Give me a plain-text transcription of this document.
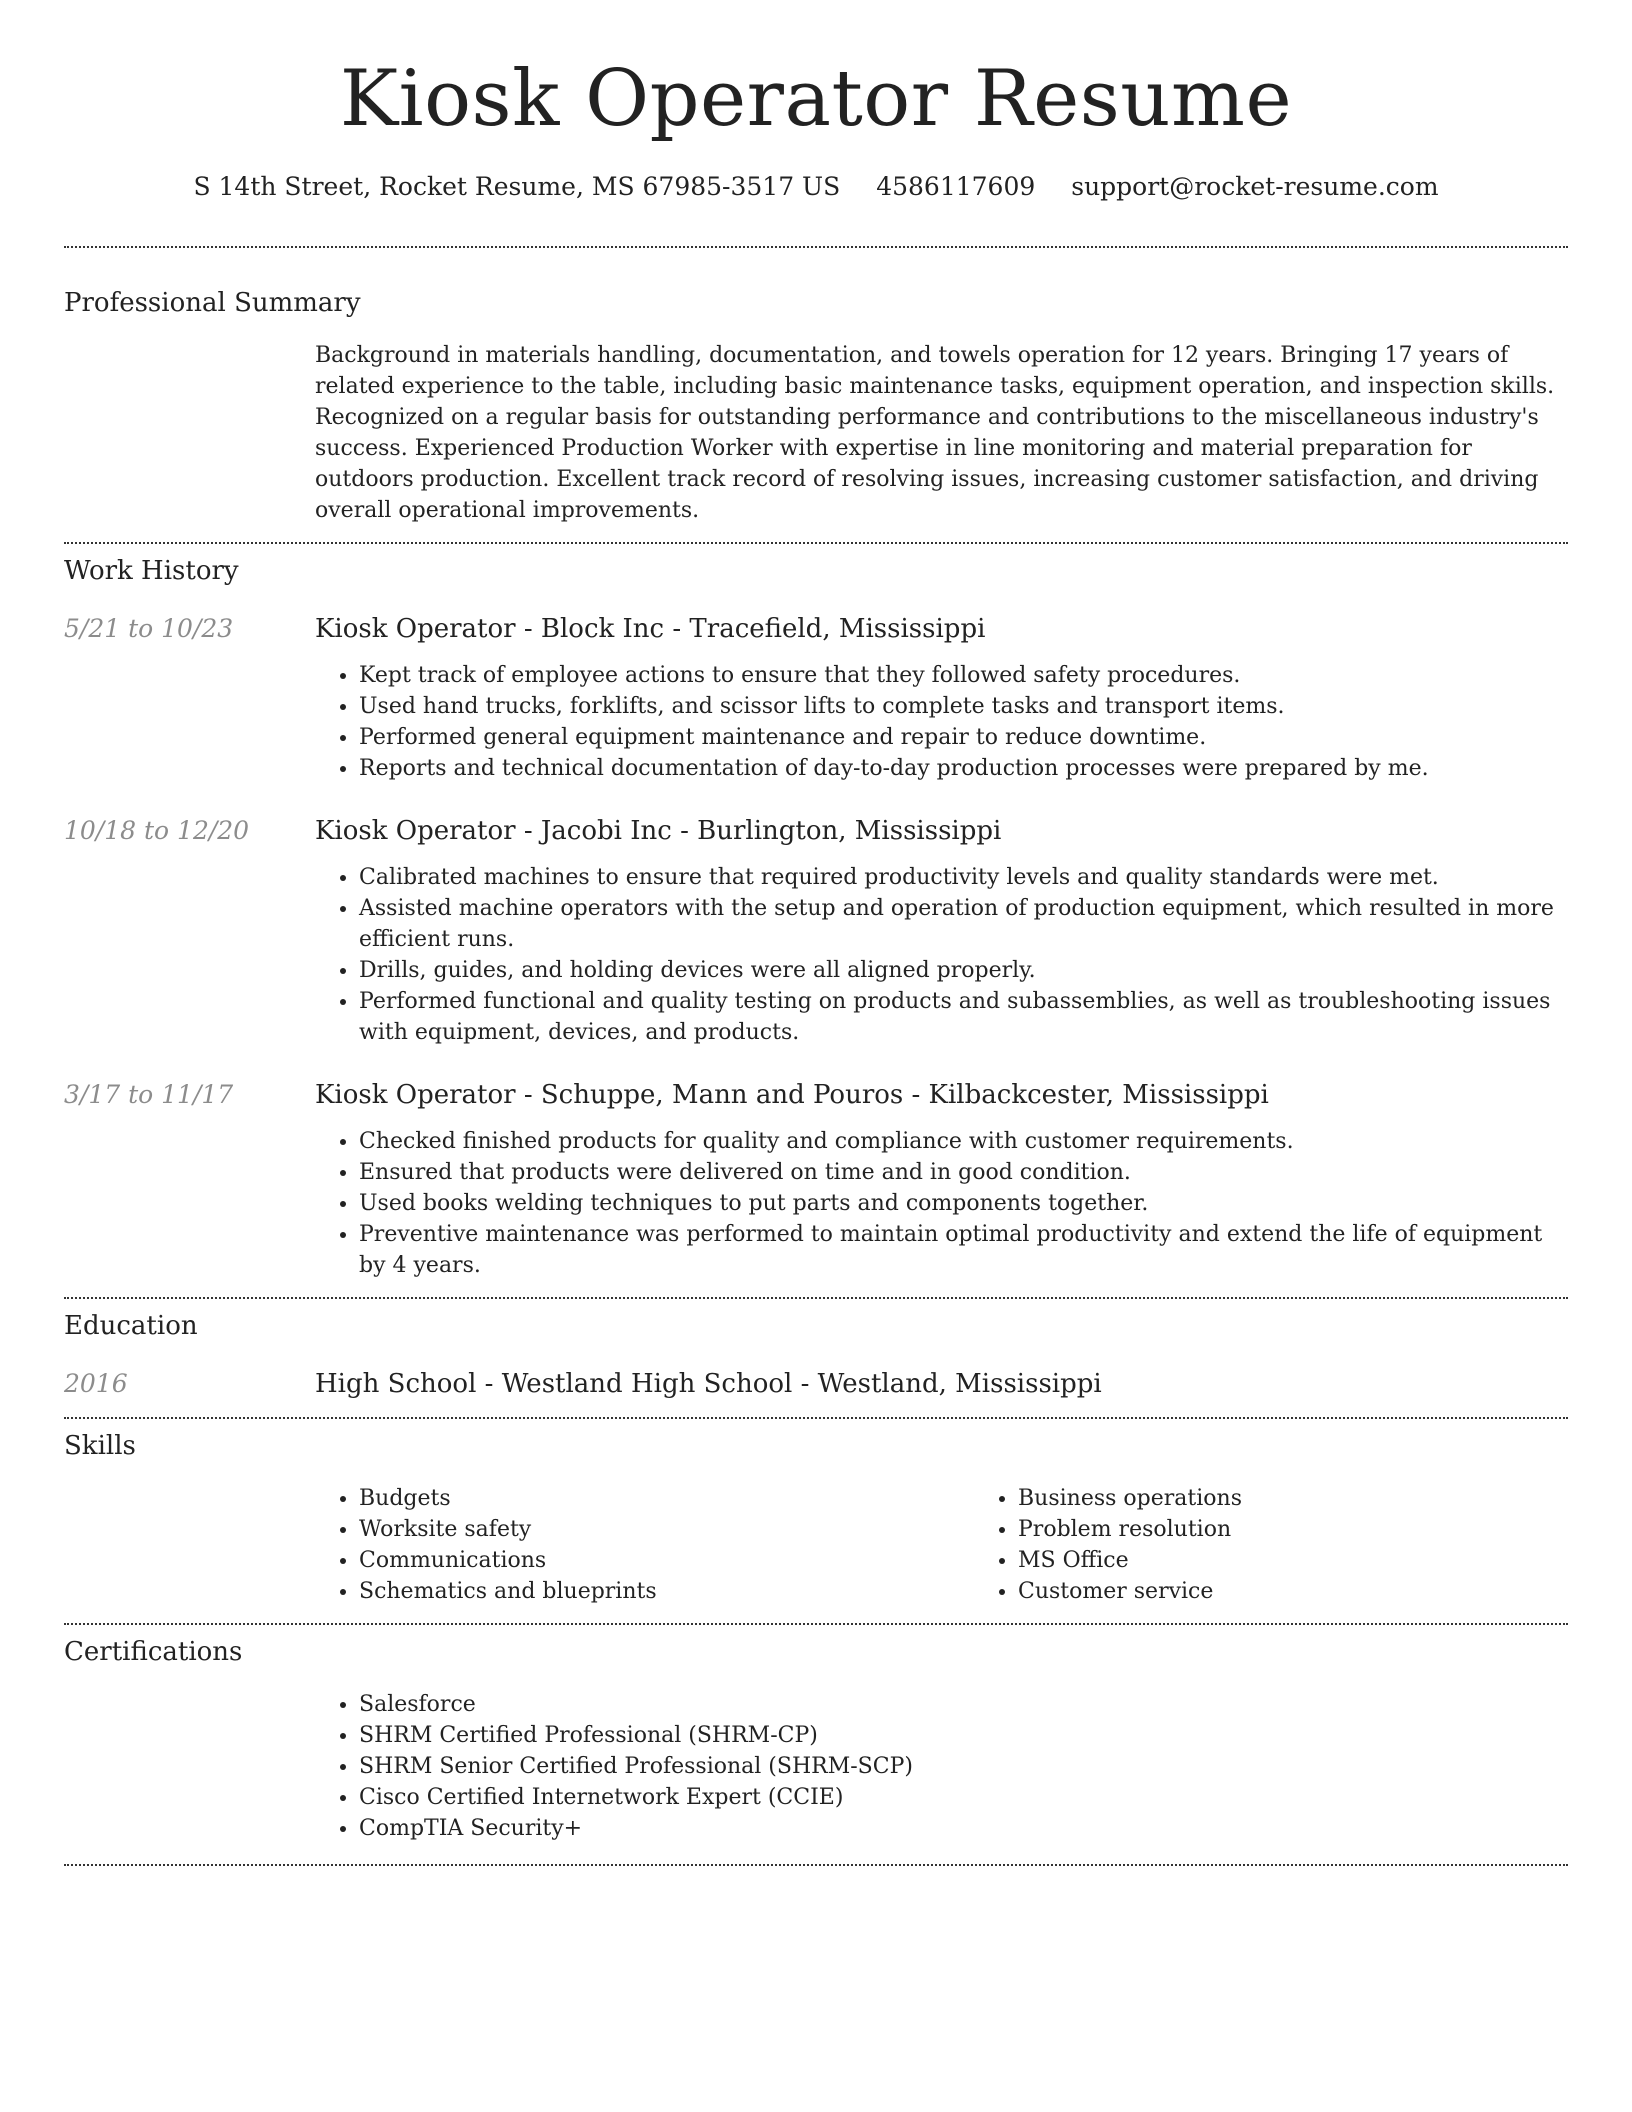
Kiosk Operator Resume
S 14th Street, Rocket Resume, MS 67985-3517 US 4586117609 support@rocket-resume.com
Professional Summary

Background in materials handling, documentation, and towels operation for 12 years. Bringing 17 years of related experience to the table, including basic maintenance tasks, equipment operation, and inspection skills. Recognized on a regular basis for outstanding performance and contributions to the miscellaneous industry's success. Experienced Production Worker with expertise in line monitoring and material preparation for outdoors production. Excellent track record of resolving issues, increasing customer satisfaction, and driving overall operational improvements.

Work History
5/21 to 10/23	Kiosk Operator - Block Inc - Tracefield, Mississippi
• Kept track of employee actions to ensure that they followed safety procedures.
• Used hand trucks, forklifts, and scissor lifts to complete tasks and transport items.
• Performed general equipment maintenance and repair to reduce downtime.
• Reports and technical documentation of day-to-day production processes were prepared by me.
10/18 to 12/20	Kiosk Operator - Jacobi Inc - Burlington, Mississippi
• Calibrated machines to ensure that required productivity levels and quality standards were met.
• Assisted machine operators with the setup and operation of production equipment, which resulted in more efficient runs.
• Drills, guides, and holding devices were all aligned properly.
• Performed functional and quality testing on products and subassemblies, as well as troubleshooting issues with equipment, devices, and products.
3/17 to 11/17	Kiosk Operator - Schuppe, Mann and Pouros - Kilbackcester, Mississippi
• Checked finished products for quality and compliance with customer requirements.
• Ensured that products were delivered on time and in good condition.
• Used books welding techniques to put parts and components together.
• Preventive maintenance was performed to maintain optimal productivity and extend the life of equipment by 4 years.
Education
2016	High School - Westland High School - Westland, Mississippi
Skills
• Budgets
• Worksite safety
• Communications
• Schematics and blueprints
• Business operations
• Problem resolution
• MS Office
• Customer service
Certifications
• Salesforce
• SHRM Certified Professional (SHRM-CP)
• SHRM Senior Certified Professional (SHRM-SCP)
• Cisco Certified Internetwork Expert (CCIE)
• CompTIA Security+
